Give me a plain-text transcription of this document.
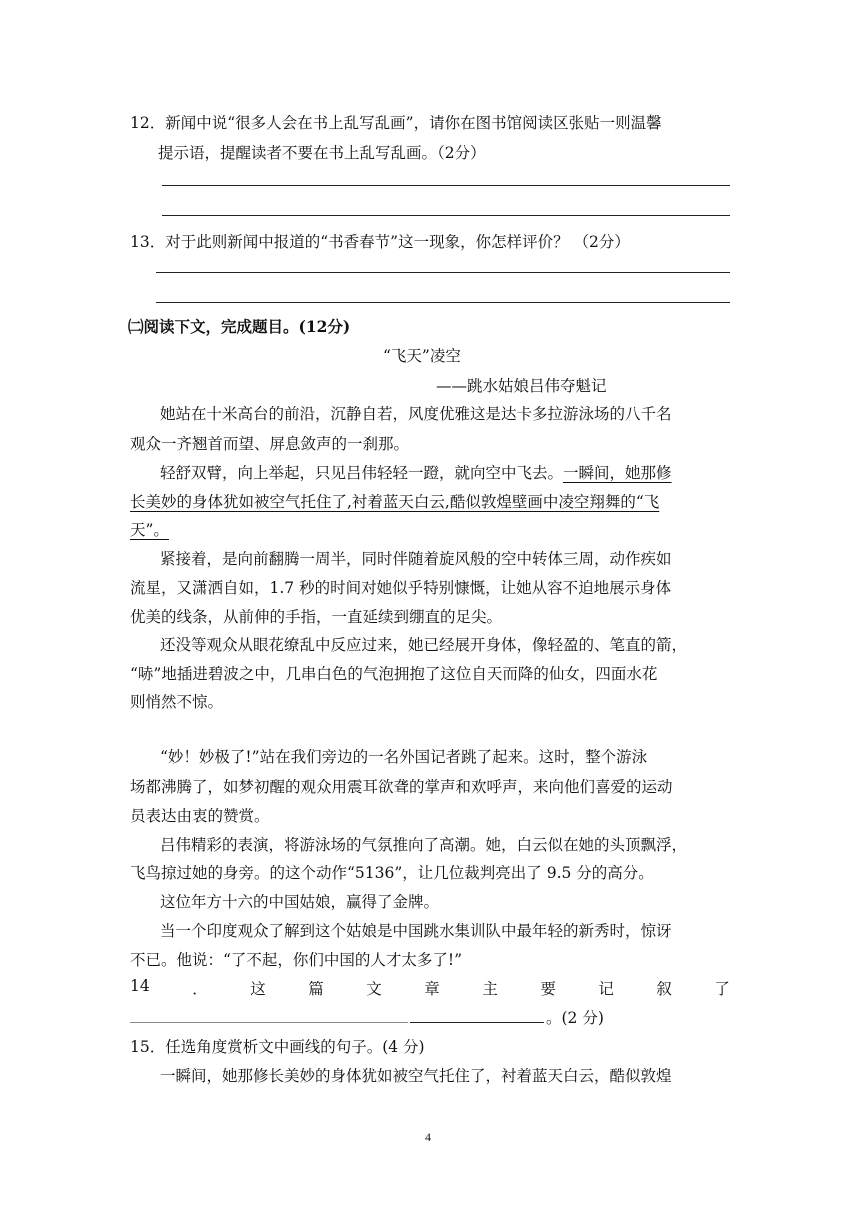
12．新闻中说“很多人会在书上乱写乱画”，请你在图书馆阅读区张贴一则温馨
提示语，提醒读者不要在书上乱写乱画。（2分）
13．对于此则新闻中报道的“书香春节”这一现象，你怎样评价？ （2分）
㈡阅读下文，完成题目。(12分)
“飞天”凌空
——跳水姑娘吕伟夺魁记
她站在十米高台的前沿，沉静自若，风度优雅这是达卡多拉游泳场的八千名
观众一齐翘首而望、屏息敛声的一刹那。
轻舒双臂，向上举起，只见吕伟轻轻一蹬，就向空中飞去。一瞬间，她那修
长美妙的身体犹如被空气托住了,衬着蓝天白云,酷似敦煌壁画中凌空翔舞的“飞
天”。
紧接着，是向前翻腾一周半，同时伴随着旋风般的空中转体三周，动作疾如
流星，又潇洒自如，1.7 秒的时间对她似乎特别慷慨，让她从容不迫地展示身体
优美的线条，从前伸的手指，一直延续到绷直的足尖。
还没等观众从眼花缭乱中反应过来，她已经展开身体，像轻盈的、笔直的箭，
“哧”地插进碧波之中，几串白色的气泡拥抱了这位自天而降的仙女，四面水花
则悄然不惊。
“妙！妙极了!”站在我们旁边的一名外国记者跳了起来。这时，整个游泳
场都沸腾了，如梦初醒的观众用震耳欲聋的掌声和欢呼声，来向他们喜爱的运动
员表达由衷的赞赏。
吕伟精彩的表演，将游泳场的气氛推向了高潮。她，白云似在她的头顶飘浮，
飞鸟掠过她的身旁。的这个动作“5136”，让几位裁判亮出了 9.5 分的高分。
这位年方十六的中国姑娘，赢得了金牌。
当一个印度观众了解到这个姑娘是中国跳水集训队中最年轻的新秀时，惊讶
不已。他说：“了不起，你们中国的人才太多了!”
14	．	这	篇	文	章	主	要	记	叙	了
。(2 分)
15．任选角度赏析文中画线的句子。(4 分)
一瞬间，她那修长美妙的身体犹如被空气托住了，衬着蓝天白云，酷似敦煌
4
